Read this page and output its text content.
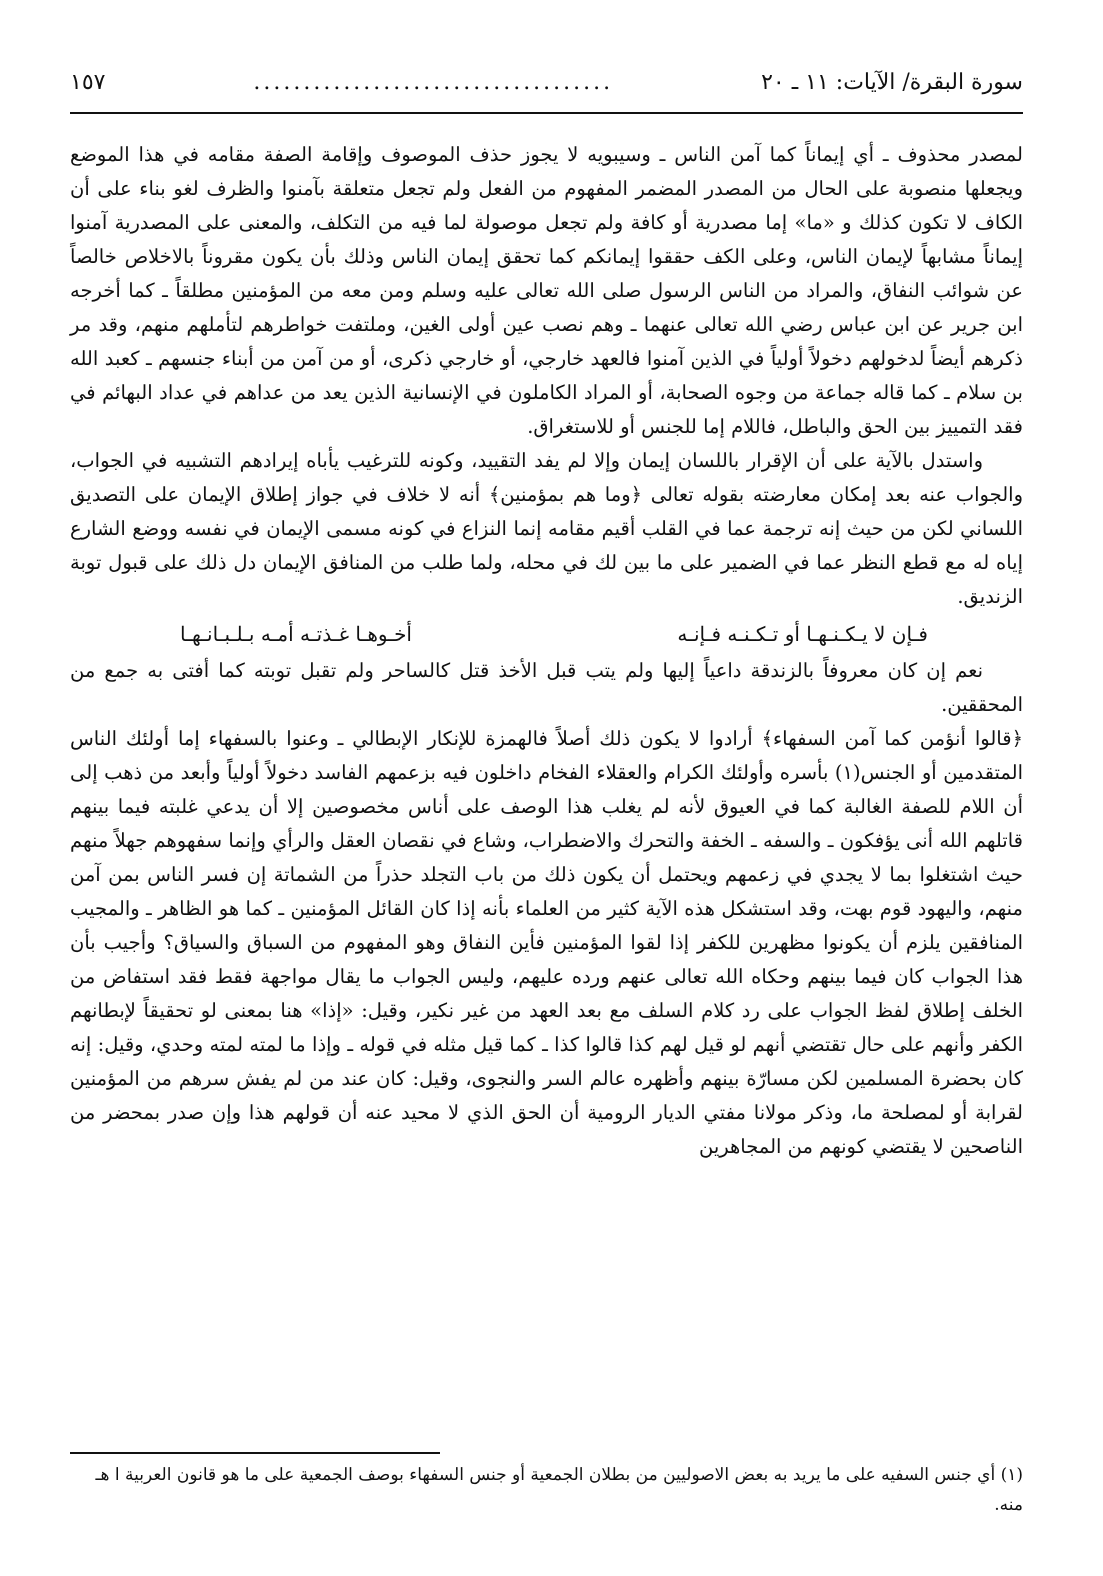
سورة البقرة/ الآيات: ١١ ـ ٢٠
....................................
١٥٧

لمصدر محذوف ـ أي إيماناً كما آمن الناس ـ وسيبويه لا يجوز حذف الموصوف وإقامة الصفة مقامه في هذا الموضع ويجعلها منصوبة على الحال من المصدر المضمر المفهوم من الفعل ولم تجعل متعلقة بآمنوا والظرف لغو بناء على أن الكاف لا تكون كذلك و «ما» إما مصدرية أو كافة ولم تجعل موصولة لما فيه من التكلف، والمعنى على المصدرية آمنوا إيماناً مشابهاً لإيمان الناس، وعلى الكف حققوا إيمانكم كما تحقق إيمان الناس وذلك بأن يكون مقروناً بالاخلاص خالصاً عن شوائب النفاق، والمراد من الناس الرسول صلى الله تعالى عليه وسلم ومن معه من المؤمنين مطلقاً ـ كما أخرجه ابن جرير عن ابن عباس رضي الله تعالى عنهما ـ وهم نصب عين أولى الغين، وملتفت خواطرهم لتأملهم منهم، وقد مر ذكرهم أيضاً لدخولهم دخولاً أولياً في الذين آمنوا فالعهد خارجي، أو خارجي ذكرى، أو من آمن من أبناء جنسهم ـ كعبد الله بن سلام ـ كما قاله جماعة من وجوه الصحابة، أو المراد الكاملون في الإنسانية الذين يعد من عداهم في عداد البهائم في فقد التمييز بين الحق والباطل، فاللام إما للجنس أو للاستغراق.

واستدل بالآية على أن الإقرار باللسان إيمان وإلا لم يفد التقييد، وكونه للترغيب يأباه إيرادهم التشبيه في الجواب، والجواب عنه بعد إمكان معارضته بقوله تعالى ﴿وما هم بمؤمنين﴾ أنه لا خلاف في جواز إطلاق الإيمان على التصديق اللساني لكن من حيث إنه ترجمة عما في القلب أقيم مقامه إنما النزاع في كونه مسمى الإيمان في نفسه ووضع الشارع إياه له مع قطع النظر عما في الضمير على ما بين لك في محله، ولما طلب من المنافق الإيمان دل ذلك على قبول توبة الزنديق.

فـإن لا يـكـنـهـا أو تـكـنـه فـإنـه
أخـوهـا غـذتـه أمـه بـلـبـانـهـا

نعم إن كان معروفاً بالزندقة داعياً إليها ولم يتب قبل الأخذ قتل كالساحر ولم تقبل توبته كما أفتى به جمع من المحققين.

﴿قالوا أنؤمن كما آمن السفهاء﴾ أرادوا لا يكون ذلك أصلاً فالهمزة للإنكار الإبطالي ـ وعنوا بالسفهاء إما أولئك الناس المتقدمين أو الجنس(١) بأسره وأولئك الكرام والعقلاء الفخام داخلون فيه بزعمهم الفاسد دخولاً أولياً وأبعد من ذهب إلى أن اللام للصفة الغالبة كما في العيوق لأنه لم يغلب هذا الوصف على أناس مخصوصين إلا أن يدعي غلبته فيما بينهم قاتلهم الله أنى يؤفكون ـ والسفه ـ الخفة والتحرك والاضطراب، وشاع في نقصان العقل والرأي وإنما سفهوهم جهلاً منهم حيث اشتغلوا بما لا يجدي في زعمهم ويحتمل أن يكون ذلك من باب التجلد حذراً من الشماتة إن فسر الناس بمن آمن منهم، واليهود قوم بهت، وقد استشكل هذه الآية كثير من العلماء بأنه إذا كان القائل المؤمنين ـ كما هو الظاهر ـ والمجيب المنافقين يلزم أن يكونوا مظهرين للكفر إذا لقوا المؤمنين فأين النفاق وهو المفهوم من السباق والسياق؟ وأجيب بأن هذا الجواب كان فيما بينهم وحكاه الله تعالى عنهم ورده عليهم، وليس الجواب ما يقال مواجهة فقط فقد استفاض من الخلف إطلاق لفظ الجواب على رد كلام السلف مع بعد العهد من غير نكير، وقيل: «إذا» هنا بمعنى لو تحقيقاً لإبطانهم الكفر وأنهم على حال تقتضي أنهم لو قيل لهم كذا قالوا كذا ـ كما قيل مثله في قوله ـ وإذا ما لمته لمته وحدي، وقيل: إنه كان بحضرة المسلمين لكن مسارّة بينهم وأظهره عالم السر والنجوى، وقيل: كان عند من لم يفش سرهم من المؤمنين لقرابة أو لمصلحة ما، وذكر مولانا مفتي الديار الرومية أن الحق الذي لا محيد عنه أن قولهم هذا وإن صدر بمحضر من الناصحين لا يقتضي كونهم من المجاهرين

(١) أي جنس السفيه على ما يريد به بعض الاصوليين من بطلان الجمعية أو جنس السفهاء بوصف الجمعية على ما هو قانون العربية ا هـ منه.
